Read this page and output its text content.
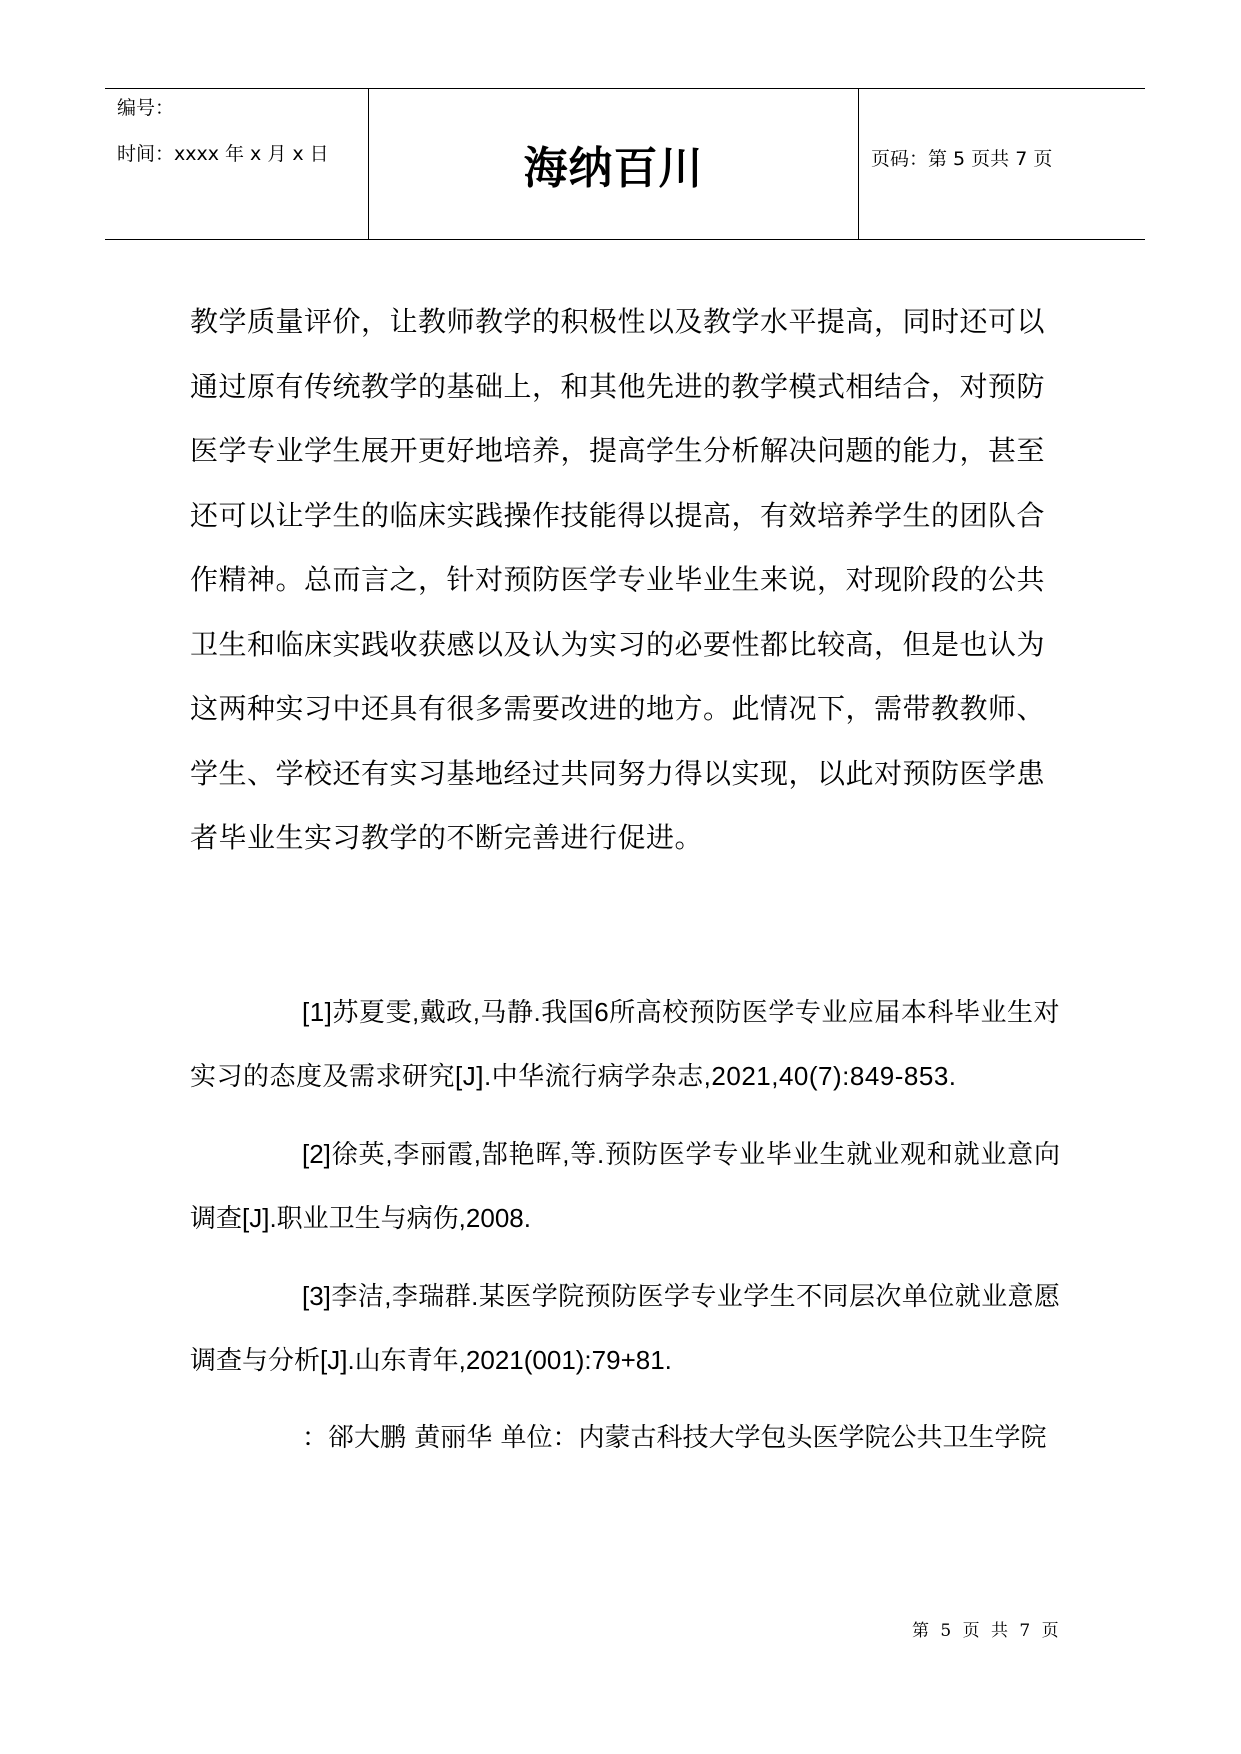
编号：
时间：xxxx 年 x 月 x 日	海纳百川	页码：第 5 页共 7 页
教学质量评价，让教师教学的积极性以及教学水平提高，同时还可以通过原有传统教学的基础上，和其他先进的教学模式相结合，对预防医学专业学生展开更好地培养，提高学生分析解决问题的能力，甚至还可以让学生的临床实践操作技能得以提高，有效培养学生的团队合作精神。总而言之，针对预防医学专业毕业生来说，对现阶段的公共卫生和临床实践收获感以及认为实习的必要性都比较高，但是也认为这两种实习中还具有很多需要改进的地方。此情况下，需带教教师、学生、学校还有实习基地经过共同努力得以实现，以此对预防医学患者毕业生实习教学的不断完善进行促进。

[1]苏夏雯,戴政,马静.我国6所高校预防医学专业应届本科毕业生对实习的态度及需求研究[J].中华流行病学杂志,2021,40(7):849-853.

[2]徐英,李丽霞,郜艳晖,等.预防医学专业毕业生就业观和就业意向调查[J].职业卫生与病伤,2008.

[3]李洁,李瑞群.某医学院预防医学专业学生不同层次单位就业意愿调查与分析[J].山东青年,2021(001):79+81.

：郤大鹏 黄丽华 单位：内蒙古科技大学包头医学院公共卫生学院

第 5 页 共 7 页
